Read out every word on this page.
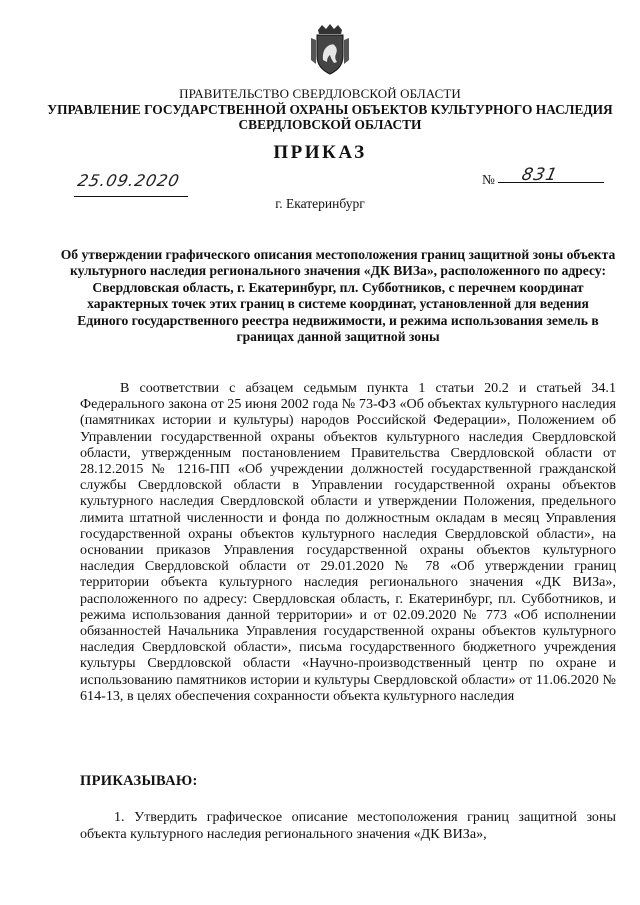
ПРАВИТЕЛЬСТВО СВЕРДЛОВСКОЙ ОБЛАСТИ
УПРАВЛЕНИЕ ГОСУДАРСТВЕННОЙ ОХРАНЫ ОБЪЕКТОВ КУЛЬТУРНОГО НАСЛЕДИЯ СВЕРДЛОВСКОЙ ОБЛАСТИ
ПРИКАЗ
25.09.2020	№ 831
г. Екатеринбург
Об утверждении графического описания местоположения границ защитной зоны объекта культурного наследия регионального значения «ДК ВИЗа», расположенного по адресу: Свердловская область, г. Екатеринбург, пл. Субботников, с перечнем координат характерных точек этих границ в системе координат, установленной для ведения Единого государственного реестра недвижимости, и режима использования земель в границах данной защитной зоны

В соответствии с абзацем седьмым пункта 1 статьи 20.2 и статьей 34.1 Федерального закона от 25 июня 2002 года № 73-ФЗ «Об объектах культурного наследия (памятниках истории и культуры) народов Российской Федерации», Положением об Управлении государственной охраны объектов культурного наследия Свердловской области, утвержденным постановлением Правительства Свердловской области от 28.12.2015 № 1216-ПП «Об учреждении должностей государственной гражданской службы Свердловской области в Управлении государственной охраны объектов культурного наследия Свердловской области и утверждении Положения, предельного лимита штатной численности и фонда по должностным окладам в месяц Управления государственной охраны объектов культурного наследия Свердловской области», на основании приказов Управления государственной охраны объектов культурного наследия Свердловской области от 29.01.2020 № 78 «Об утверждении границ территории объекта культурного наследия регионального значения «ДК ВИЗа», расположенного по адресу: Свердловская область, г. Екатеринбург, пл. Субботников, и режима использования данной территории» и от 02.09.2020 № 773 «Об исполнении обязанностей Начальника Управления государственной охраны объектов культурного наследия Свердловской области», письма государственного бюджетного учреждения культуры Свердловской области «Научно-производственный центр по охране и использованию памятников истории и культуры Свердловской области» от 11.06.2020 № 614-13, в целях обеспечения сохранности объекта культурного наследия

ПРИКАЗЫВАЮ:

1. Утвердить графическое описание местоположения границ защитной зоны объекта культурного наследия регионального значения «ДК ВИЗа»,
